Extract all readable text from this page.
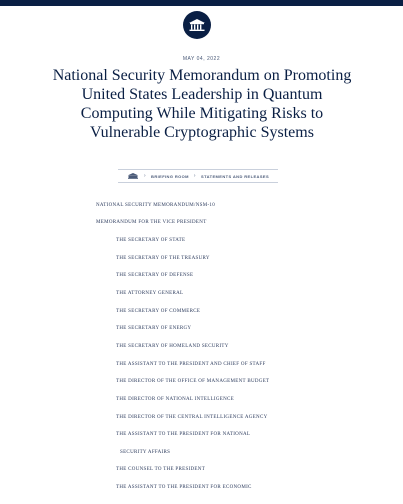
MAY 04, 2022
National Security Memorandum on Promoting United States Leadership in Quantum Computing While Mitigating Risks to Vulnerable Cryptographic Systems
› BRIEFING ROOM › STATEMENTS AND RELEASES
NATIONAL SECURITY MEMORANDUM/NSM-10
MEMORANDUM FOR THE VICE PRESIDENT
THE SECRETARY OF STATE
THE SECRETARY OF THE TREASURY
THE SECRETARY OF DEFENSE
THE ATTORNEY GENERAL
THE SECRETARY OF COMMERCE
THE SECRETARY OF ENERGY
THE SECRETARY OF HOMELAND SECURITY
THE ASSISTANT TO THE PRESIDENT AND CHIEF OF STAFF
THE DIRECTOR OF THE OFFICE OF MANAGEMENT BUDGET
THE DIRECTOR OF NATIONAL INTELLIGENCE
THE DIRECTOR OF THE CENTRAL INTELLIGENCE AGENCY
THE ASSISTANT TO THE PRESIDENT FOR NATIONAL
SECURITY AFFAIRS
THE COUNSEL TO THE PRESIDENT
THE ASSISTANT TO THE PRESIDENT FOR ECONOMIC
